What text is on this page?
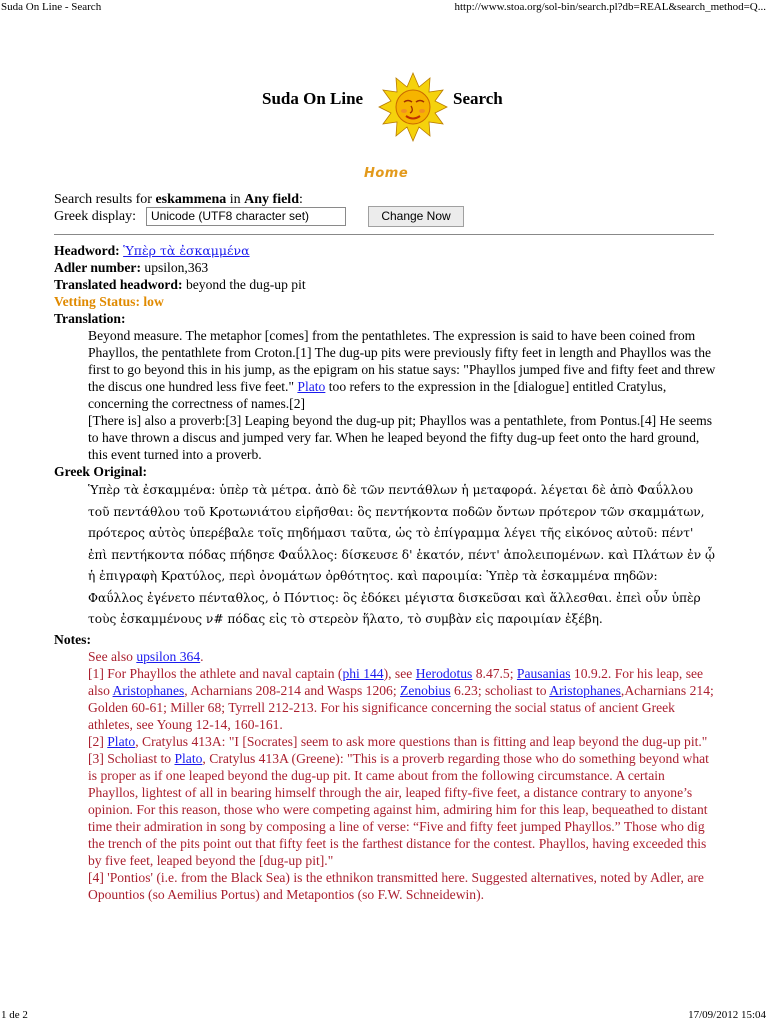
Suda On Line - Search	http://www.stoa.org/sol-bin/search.pl?db=REAL&search_method=Q...
Suda On Line	Search
Home
Search results for eskammena in Any field:
Greek display:	Unicode (UTF8 character set)	Change Now
Headword: Ὑπὲρ τὰ ἐσκαμμένα
Adler number: upsilon,363
Translated headword: beyond the dug-up pit
Vetting Status: low
Translation:
Beyond measure. The metaphor [comes] from the pentathletes. The expression is said to have been coined from Phayllos, the pentathlete from Croton.[1] The dug-up pits were previously fifty feet in length and Phayllos was the first to go beyond this in his jump, as the epigram on his statue says: "Phayllos jumped five and fifty feet and threw the discus one hundred less five feet." Plato too refers to the expression in the [dialogue] entitled Cratylus, concerning the correctness of names.[2]
[There is] also a proverb:[3] Leaping beyond the dug-up pit; Phayllos was a pentathlete, from Pontus.[4] He seems to have thrown a discus and jumped very far. When he leaped beyond the fifty dug-up feet onto the hard ground, this event turned into a proverb.
Greek Original:
Ὑπὲρ τὰ ἐσκαμμένα: ὑπὲρ τὰ μέτρα. ἀπὸ δὲ τῶν πεντάθλων ἡ μεταφορά. λέγεται δὲ ἀπὸ Φαΰλλου τοῦ πεντάθλου τοῦ Κροτωνιάτου εἰρῆσθαι: ὃς πεντήκοντα ποδῶν ὄντων πρότερον τῶν σκαμμάτων, πρότερος αὐτὸς ὑπερέβαλε τοῖς πηδήμασι ταῦτα, ὡς τὸ ἐπίγραμμα λέγει τῆς εἰκόνος αὐτοῦ: πέντ' ἐπὶ πεντήκοντα πόδας πήδησε Φαΰλλος: δίσκευσε δ' ἑκατόν, πέντ' ἀπολειπομένων. καὶ Πλάτων ἐν ᾧ ἡ ἐπιγραφὴ Κρατύλος, περὶ ὀνομάτων ὀρθότητος. καὶ παροιμία: Ὑπὲρ τὰ ἐσκαμμένα πηδῶν: Φαΰλλος ἐγένετο πένταθλος, ὁ Πόντιος: ὃς ἐδόκει μέγιστα δισκεῦσαι καὶ ἅλλεσθαι. ἐπεὶ οὖν ὑπὲρ τοὺς ἐσκαμμένους ν# πόδας εἰς τὸ στερεὸν ἥλατο, τὸ συμβὰν εἰς παροιμίαν ἐξέβη.
Notes:
See also upsilon 364.
[1] For Phayllos the athlete and naval captain (phi 144), see Herodotus 8.47.5; Pausanias 10.9.2. For his leap, see also Aristophanes, Acharnians 208-214 and Wasps 1206; Zenobius 6.23; scholiast to Aristophanes,Acharnians 214; Golden 60-61; Miller 68; Tyrrell 212-213. For his significance concerning the social status of ancient Greek athletes, see Young 12-14, 160-161.
[2] Plato, Cratylus 413A: "I [Socrates] seem to ask more questions than is fitting and leap beyond the dug-up pit."
[3] Scholiast to Plato, Cratylus 413A (Greene): "This is a proverb regarding those who do something beyond what is proper as if one leaped beyond the dug-up pit. It came about from the following circumstance. A certain Phayllos, lightest of all in bearing himself through the air, leaped fifty-five feet, a distance contrary to anyone’s opinion. For this reason, those who were competing against him, admiring him for this leap, bequeathed to distant time their admiration in song by composing a line of verse: “Five and fifty feet jumped Phayllos.” Those who dig the trench of the pits point out that fifty feet is the farthest distance for the contest. Phayllos, having exceeded this by five feet, leaped beyond the [dug-up pit]."
[4] 'Pontios' (i.e. from the Black Sea) is the ethnikon transmitted here. Suggested alternatives, noted by Adler, are Opountios (so Aemilius Portus) and Metapontios (so F.W. Schneidewin).
1 de 2	17/09/2012 15:04
